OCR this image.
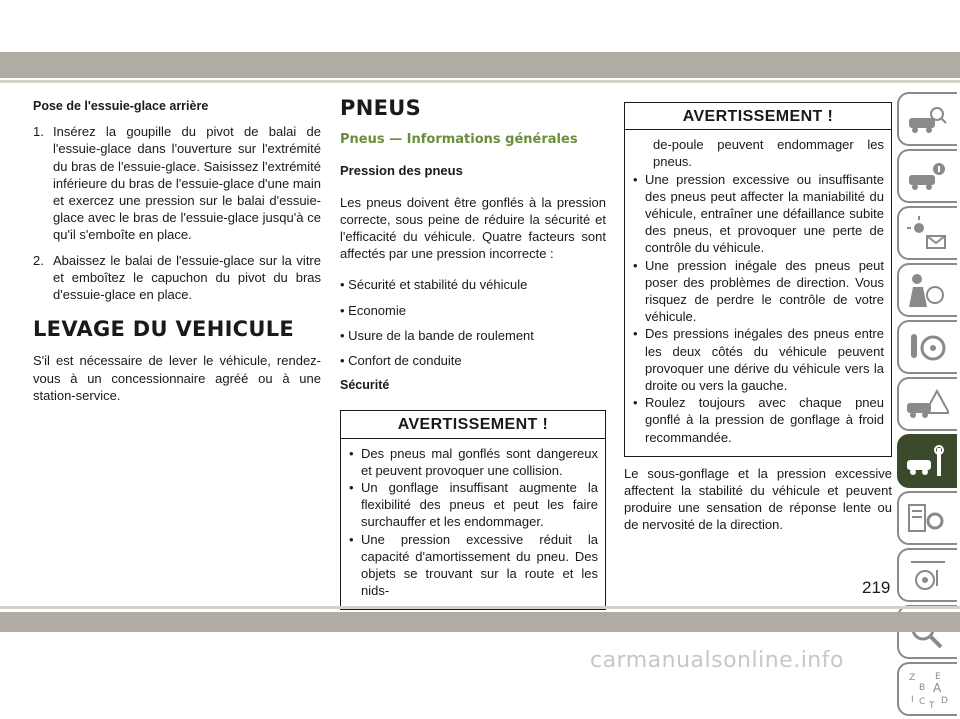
Pose de l'essuie-glace arrière
1. Insérez la goupille du pivot de balai de l'essuie-glace dans l'ouverture sur l'extrémité du bras de l'essuie-glace. Saisissez l'extrémité inférieure du bras de l'essuie-glace d'une main et exercez une pression sur le balai d'essuie-glace avec le bras de l'essuie-glace jusqu'à ce qu'il s'emboîte en place.
2. Abaissez le balai de l'essuie-glace sur la vitre et emboîtez le capuchon du pivot du bras d'essuie-glace en place.
LEVAGE DU VEHICULE

S'il est nécessaire de lever le véhicule, rendez-vous à un concessionnaire agréé ou à une station-service.

PNEUS
Pneus — Informations générales
Pression des pneus

Les pneus doivent être gonflés à la pression correcte, sous peine de réduire la sécurité et l'efficacité du véhicule. Quatre facteurs sont affectés par une pression incorrecte :

• Sécurité et stabilité du véhicule
• Economie
• Usure de la bande de roulement
• Confort de conduite
Sécurité
AVERTISSEMENT !
• Des pneus mal gonflés sont dangereux et peuvent provoquer une collision.
• Un gonflage insuffisant augmente la flexibilité des pneus et peut les faire surchauffer et les endommager.
• Une pression excessive réduit la capacité d'amortissement du pneu. Des objets se trouvant sur la route et les nids-
AVERTISSEMENT !
de-poule peuvent endommager les pneus.
• Une pression excessive ou insuffisante des pneus peut affecter la maniabilité du véhicule, entraîner une défaillance subite des pneus, et provoquer une perte de contrôle du véhicule.
• Une pression inégale des pneus peut poser des problèmes de direction. Vous risquez de perdre le contrôle de votre véhicule.
• Des pressions inégales des pneus entre les deux côtés du véhicule peuvent provoquer une dérive du véhicule vers la droite ou vers la gauche.
• Roulez toujours avec chaque pneu gonflé à la pression de gonflage à froid recommandée.

Le sous-gonflage et la pression excessive affectent la stabilité du véhicule et peuvent produire une sensation de réponse lente ou de nervosité de la direction.

Z E
B A
I C D
T
219
carmanualsonline.info
